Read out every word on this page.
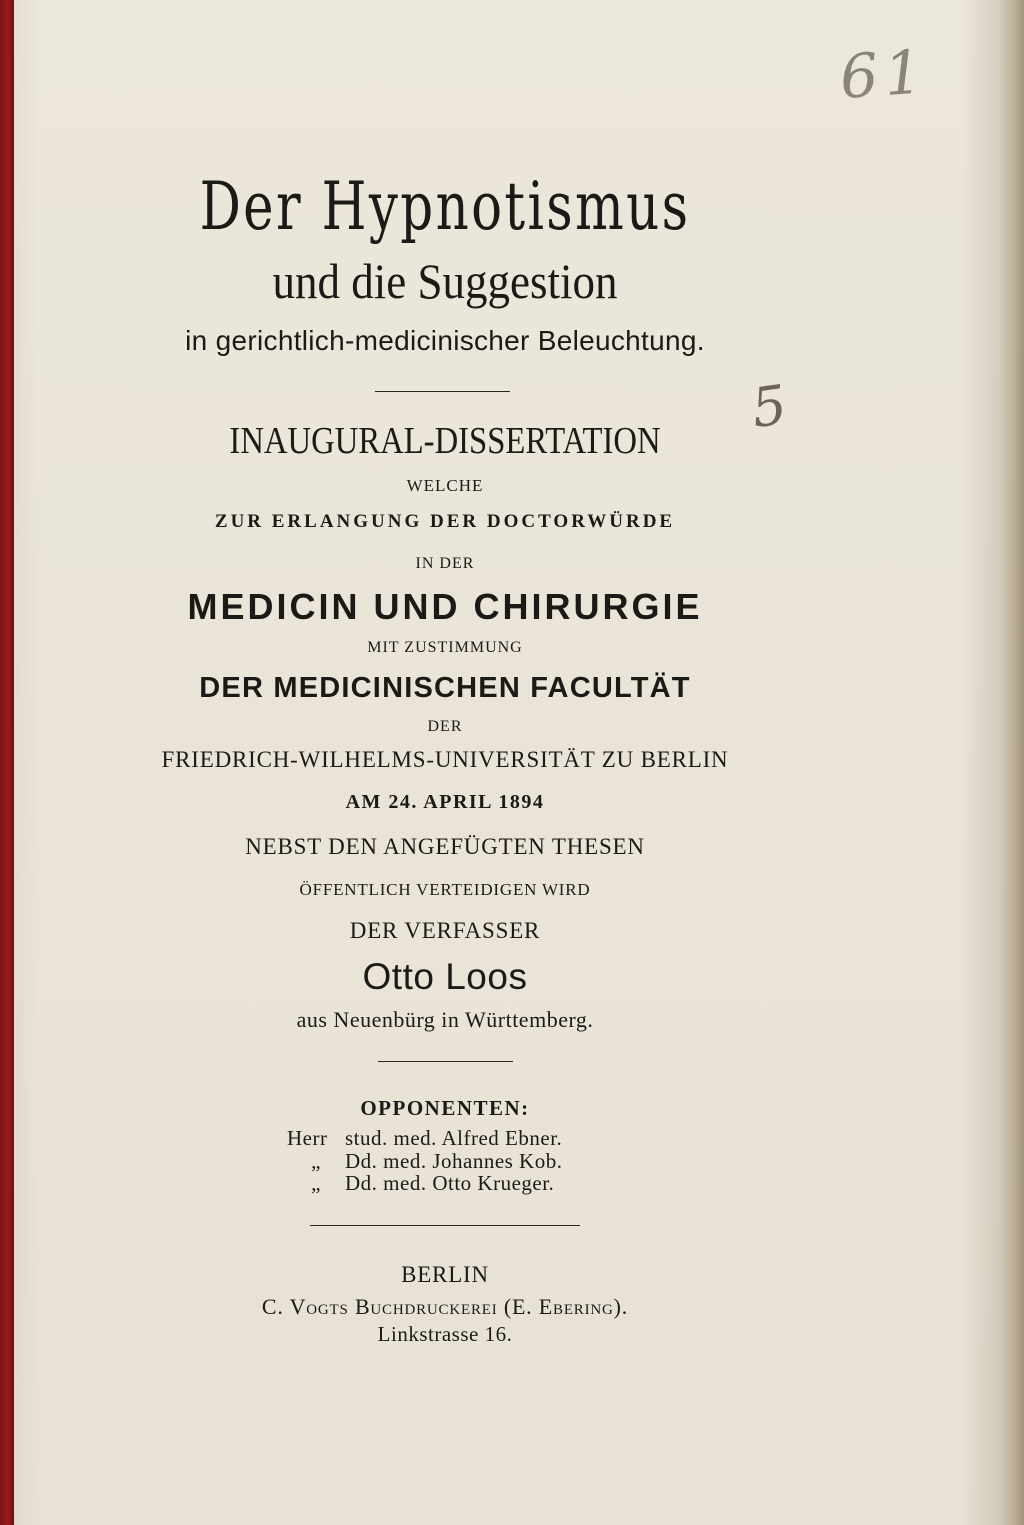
61
5
Der Hypnotismus
und die Suggestion
in gerichtlich-medicinischer Beleuchtung.
INAUGURAL-DISSERTATION
WELCHE
ZUR ERLANGUNG DER DOCTORWÜRDE
IN DER
MEDICIN UND CHIRURGIE
MIT ZUSTIMMUNG
DER MEDICINISCHEN FACULTÄT
DER
FRIEDRICH-WILHELMS-UNIVERSITÄT ZU BERLIN
AM 24. APRIL 1894
NEBST DEN ANGEFÜGTEN THESEN
ÖFFENTLICH VERTEIDIGEN WIRD
DER VERFASSER
Otto Loos
aus Neuenbürg in Württemberg.
OPPONENTEN:
Herr stud. med. Alfred Ebner.
„ Dd. med. Johannes Kob.
„ Dd. med. Otto Krueger.
BERLIN
C. Vogts Buchdruckerei (E. Ebering).
Linkstrasse 16.
